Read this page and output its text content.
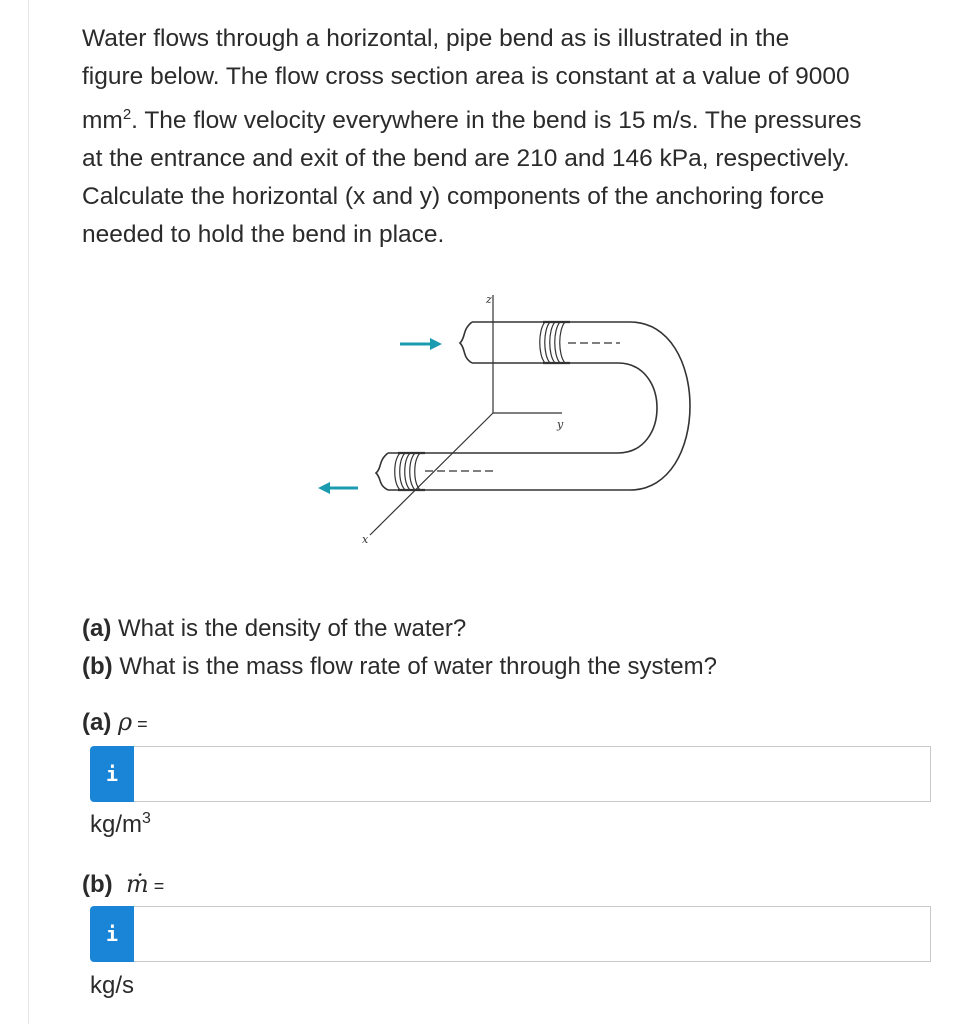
Water flows through a horizontal, pipe bend as is illustrated in the
figure below. The flow cross section area is constant at a value of 9000
$mm^2$. The flow velocity everywhere in the bend is 15 m/s. The pressures
at the entrance and exit of the bend are 210 and 146 kPa, respectively.
Calculate the horizontal (x and y) components of the anchoring force
needed to hold the bend in place.

z
y
x
(a) What is the density of the water?
(b) What is the mass flow rate of water through the system?
(a) ρ =
i
$kg/m^3$
(b) ṁ =
i
kg/s
